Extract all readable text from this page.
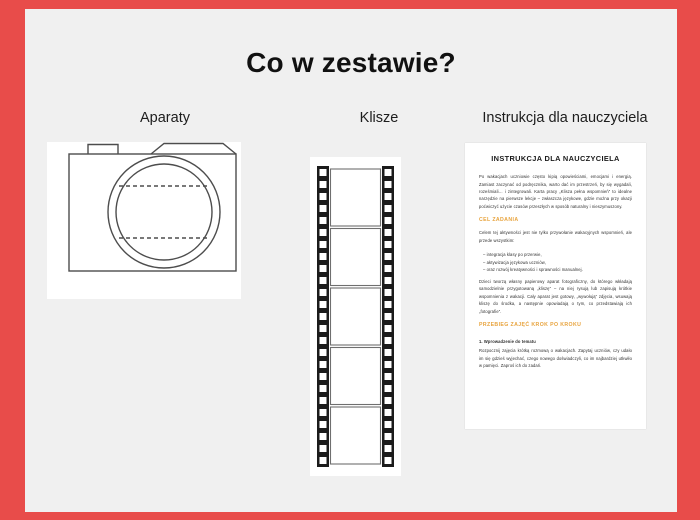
Co w zestawie?
Aparaty	Klisze	Instrukcja dla nauczyciela
INSTRUKCJA DLA NAUCZYCIELA

Po wakacjach uczniowie często kipią opowieściami, emocjami i energią. Zamiast zaczynać od podręcznika, warto dać im przestrzeń, by się wygadali, roześmiali… i zintegrowali. Karta pracy „Klisza pełna wspomnień” to idealne narzędzie na pierwsze lekcje – zwłaszcza językowe, gdzie można przy okazji poćwiczyć użycie czasów przeszłych w sposób naturalny i nieszymuszony.

CEL ZADANIA

Celem tej aktywności jest nie tylko przywołanie wakacyjnych wspomnień, ale przede wszystkim:

– integracja klasy po przerwie,
– aktywizacja językowa uczniów,
– oraz rozwój kreatywności i sprawności manualnej.

Dzieci tworzą własny papierowy aparat fotograficzny, do którego wkładają samodzielnie przygotowaną „kliszę” – na niej rysują lub zapisują krótkie wspomnienia z wakacji. Cały aparat jest gotowy, „wywołują” zdjęcia, wsuwają kliszę do środka, a następnie opowiadają o tym, co przedstawiają ich „fotografie”.

PRZEBIEG ZAJĘĆ KROK PO KROKU
1. Wprowadzenie do tematu

Rozpocznij zajęcia krótką rozmową o wakacjach. Zapytaj uczniów, czy udało im się gdzieś wyjechać, czego nowego doświadczyli, co im najbardziej utkwiło w pamięci. Zaproś ich do zadań.
